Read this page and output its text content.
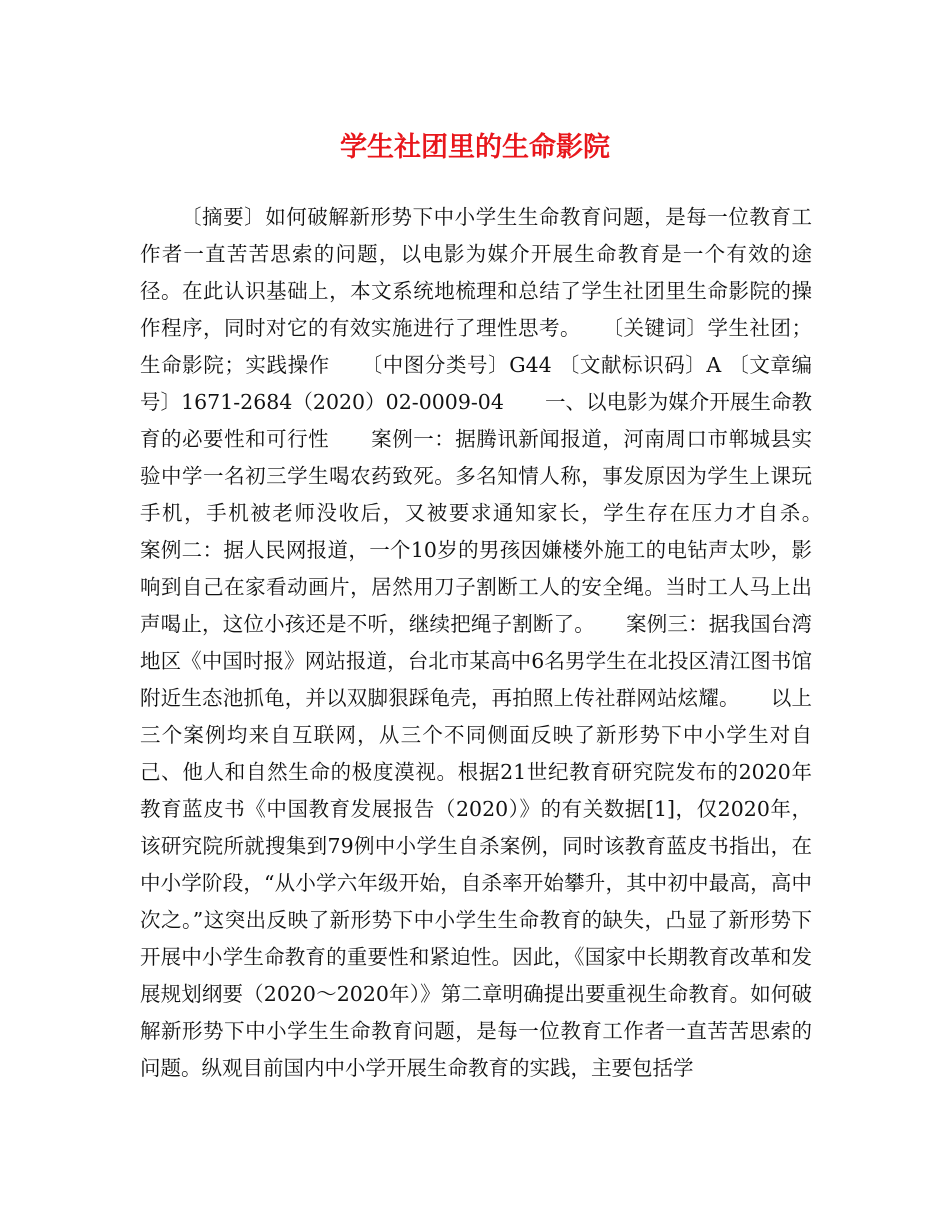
学生社团里的生命影院

〔摘要〕如何破解新形势下中小学生生命教育问题，是每一位教育工作者一直苦苦思索的问题，以电影为媒介开展生命教育是一个有效的途径。在此认识基础上，本文系统地梳理和总结了学生社团里生命影院的操作程序，同时对它的有效实施进行了理性思考。　　〔关键词〕学生社团；生命影院；实践操作　　〔中图分类号〕G44 〔文献标识码〕A 〔文章编号〕1671-2684（2020）02-0009-04　　一、以电影为媒介开展生命教育的必要性和可行性　　案例一：据腾讯新闻报道，河南周口市郸城县实验中学一名初三学生喝农药致死。多名知情人称，事发原因为学生上课玩手机，手机被老师没收后，又被要求通知家长，学生存在压力才自杀。　　案例二：据人民网报道，一个10岁的男孩因嫌楼外施工的电钻声太吵，影响到自己在家看动画片，居然用刀子割断工人的安全绳。当时工人马上出声喝止，这位小孩还是不听，继续把绳子割断了。　　案例三：据我国台湾地区《中国时报》网站报道，台北市某高中6名男学生在北投区清江图书馆附近生态池抓龟，并以双脚狠踩龟壳，再拍照上传社群网站炫耀。　　以上三个案例均来自互联网，从三个不同侧面反映了新形势下中小学生对自己、他人和自然生命的极度漠视。根据21世纪教育研究院发布的2020年教育蓝皮书《中国教育发展报告（2020）》的有关数据[1]，仅2020年，该研究院所就搜集到79例中小学生自杀案例，同时该教育蓝皮书指出，在中小学阶段，“从小学六年级开始，自杀率开始攀升，其中初中最高，高中次之。”这突出反映了新形势下中小学生生命教育的缺失，凸显了新形势下开展中小学生命教育的重要性和紧迫性。因此，《国家中长期教育改革和发展规划纲要（2020～2020年）》第二章明确提出要重视生命教育。如何破解新形势下中小学生生命教育问题，是每一位教育工作者一直苦苦思索的问题。纵观目前国内中小学开展生命教育的实践，主要包括学
